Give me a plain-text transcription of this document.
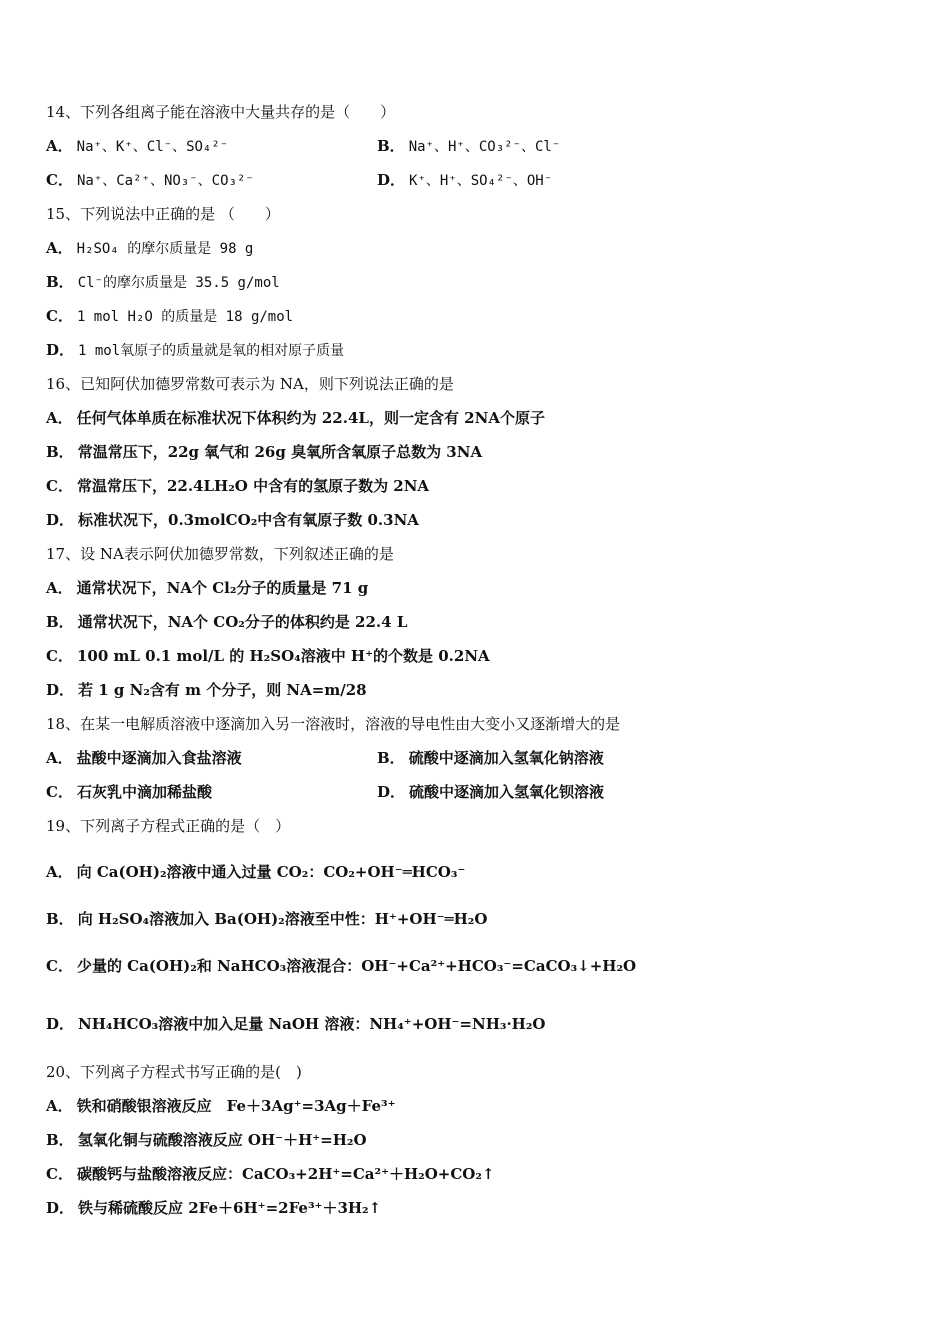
14、下列各组离子能在溶液中大量共存的是（　　）
A． Na⁺、K⁺、Cl⁻、SO₄²⁻	B． Na⁺、H⁺、CO₃²⁻、Cl⁻
C． Na⁺、Ca²⁺、NO₃⁻、CO₃²⁻	D． K⁺、H⁺、SO₄²⁻、OH⁻
15、下列说法中正确的是 （　　）
A． H₂SO₄ 的摩尔质量是 98 g
B． Cl⁻的摩尔质量是 35.5 g/mol
C． 1 mol H₂O 的质量是 18 g/mol
D． 1 mol氧原子的质量就是氧的相对原子质量
16、已知阿伏加德罗常数可表示为 NA，则下列说法正确的是
A． 任何气体单质在标准状况下体积约为 22.4L，则一定含有 2NA个原子
B． 常温常压下，22g 氧气和 26g 臭氧所含氧原子总数为 3NA
C． 常温常压下，22.4LH₂O 中含有的氢原子数为 2NA
D． 标准状况下，0.3molCO₂中含有氧原子数 0.3NA
17、设 NA表示阿伏加德罗常数，下列叙述正确的是
A． 通常状况下，NA个 Cl₂分子的质量是 71 g
B． 通常状况下，NA个 CO₂分子的体积约是 22.4 L
C． 100 mL 0.1 mol/L 的 H₂SO₄溶液中 H⁺的个数是 0.2NA
D． 若 1 g N₂含有 m 个分子，则 NA=m/28
18、在某一电解质溶液中逐滴加入另一溶液时，溶液的导电性由大变小又逐渐增大的是
A． 盐酸中逐滴加入食盐溶液	B． 硫酸中逐滴加入氢氧化钠溶液
C． 石灰乳中滴加稀盐酸	D． 硫酸中逐滴加入氢氧化钡溶液
19、下列离子方程式正确的是（　）
A． 向 Ca(OH)₂溶液中通入过量 CO₂：CO₂+OH⁻═HCO₃⁻
B． 向 H₂SO₄溶液加入 Ba(OH)₂溶液至中性：H⁺+OH⁻═H₂O
C． 少量的 Ca(OH)₂和 NaHCO₃溶液混合：OH⁻+Ca²⁺+HCO₃⁻=CaCO₃↓+H₂O
D． NH₄HCO₃溶液中加入足量 NaOH 溶液：NH₄⁺+OH⁻=NH₃·H₂O
20、下列离子方程式书写正确的是(　)
A． 铁和硝酸银溶液反应　Fe＋3Ag⁺=3Ag＋Fe³⁺
B． 氢氧化铜与硫酸溶液反应 OH⁻＋H⁺=H₂O
C． 碳酸钙与盐酸溶液反应：CaCO₃+2H⁺=Ca²⁺＋H₂O+CO₂↑
D． 铁与稀硫酸反应 2Fe＋6H⁺=2Fe³⁺＋3H₂↑
